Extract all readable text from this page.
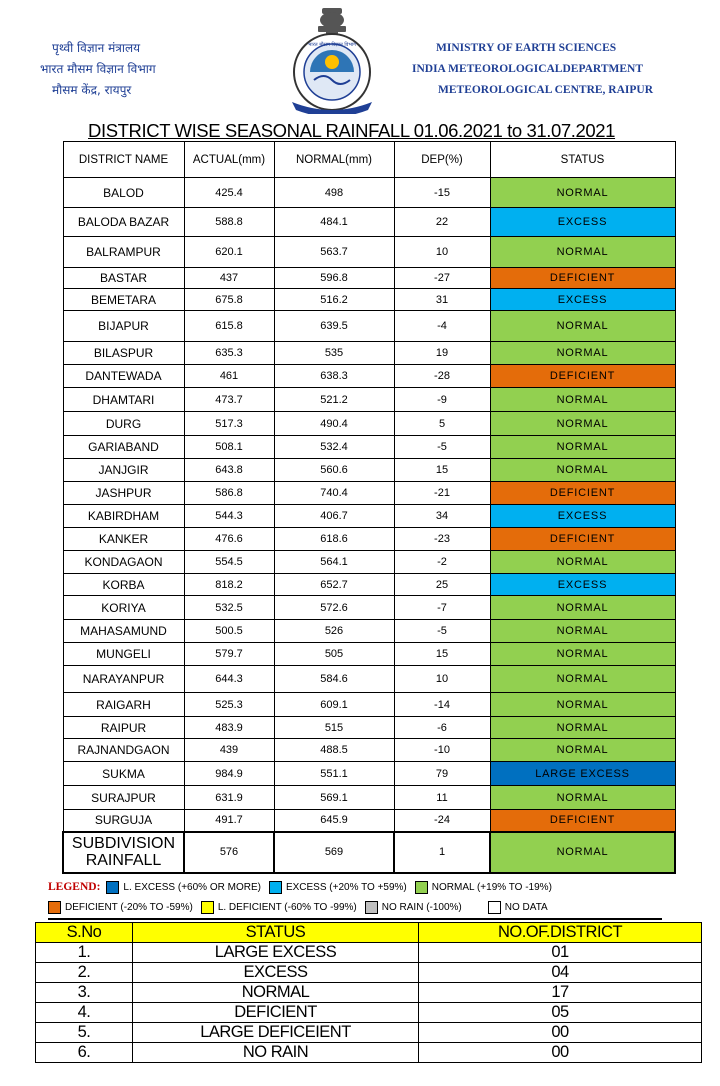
पृथ्वी विज्ञान मंत्रालय
भारत मौसम विज्ञान विभाग
मौसम केंद्र, रायपुर
भारत मौसम विज्ञान विभाग	MINISTRY OF EARTH SCIENCES
INDIA METEOROLOGICALDEPARTMENT
METEOROLOGICAL CENTRE, RAIPUR
DISTRICT WISE SEASONAL RAINFALL 01.06.2021 to 31.07.2021
DISTRICT NAME	ACTUAL(mm)	NORMAL(mm)	DEP(%)	STATUS
BALOD	425.4	498	-15	NORMAL
BALODA BAZAR	588.8	484.1	22	EXCESS
BALRAMPUR	620.1	563.7	10	NORMAL
BASTAR	437	596.8	-27	DEFICIENT
BEMETARA	675.8	516.2	31	EXCESS
BIJAPUR	615.8	639.5	-4	NORMAL
BILASPUR	635.3	535	19	NORMAL
DANTEWADA	461	638.3	-28	DEFICIENT
DHAMTARI	473.7	521.2	-9	NORMAL
DURG	517.3	490.4	5	NORMAL
GARIABAND	508.1	532.4	-5	NORMAL
JANJGIR	643.8	560.6	15	NORMAL
JASHPUR	586.8	740.4	-21	DEFICIENT
KABIRDHAM	544.3	406.7	34	EXCESS
KANKER	476.6	618.6	-23	DEFICIENT
KONDAGAON	554.5	564.1	-2	NORMAL
KORBA	818.2	652.7	25	EXCESS
KORIYA	532.5	572.6	-7	NORMAL
MAHASAMUND	500.5	526	-5	NORMAL
MUNGELI	579.7	505	15	NORMAL
NARAYANPUR	644.3	584.6	10	NORMAL
RAIGARH	525.3	609.1	-14	NORMAL
RAIPUR	483.9	515	-6	NORMAL
RAJNANDGAON	439	488.5	-10	NORMAL
SUKMA	984.9	551.1	79	LARGE EXCESS
SURAJPUR	631.9	569.1	11	NORMAL
SURGUJA	491.7	645.9	-24	DEFICIENT
SUBDIVISION RAINFALL	576	569	1	NORMAL
LEGEND: L. EXCESS (+60% OR MORE)	EXCESS (+20% TO +59%)	NORMAL (+19% TO -19%)
DEFICIENT (-20% TO -59%)	L. DEFICIENT (-60% TO -99%)	NO RAIN (-100%)	NO DATA
S.No	STATUS	NO.OF.DISTRICT
1.	LARGE EXCESS	01
2.	EXCESS	04
3.	NORMAL	17
4.	DEFICIENT	05
5.	LARGE DEFICEIENT	00
6.	NO RAIN	00
